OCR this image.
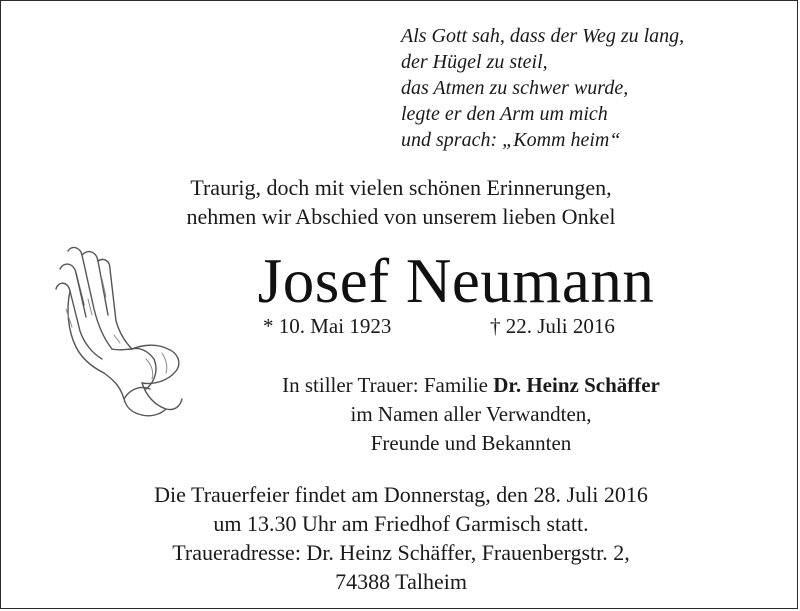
Als Gott sah, dass der Weg zu lang,
der Hügel zu steil,
das Atmen zu schwer wurde,
legte er den Arm um mich
und sprach: „Komm heim“
Traurig, doch mit vielen schönen Erinnerungen,
nehmen wir Abschied von unserem lieben Onkel
Josef Neumann
* 10. Mai 1923	† 22. Juli 2016
In stiller Trauer: Familie Dr. Heinz Schäffer
im Namen aller Verwandten,
Freunde und Bekannten
Die Trauerfeier findet am Donnerstag, den 28. Juli 2016
um 13.30 Uhr am Friedhof Garmisch statt.
Traueradresse: Dr. Heinz Schäffer, Frauenbergstr. 2,
74388 Talheim
